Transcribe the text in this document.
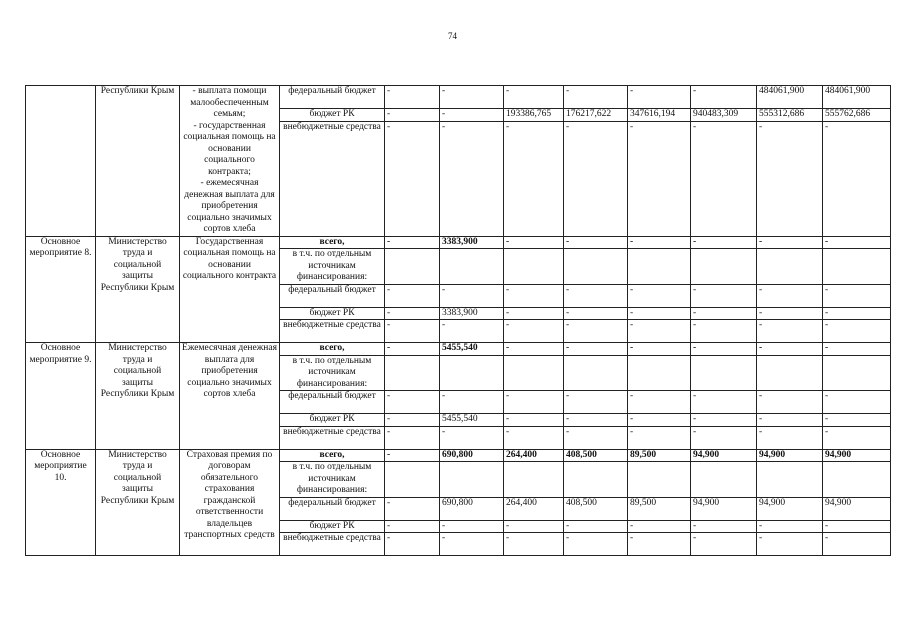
74
	Республики Крым	- выплата помощи малообеспеченным семьям;
- государственная социальная помощь на основании социального контракта;
- ежемесячная денежная выплата для приобретения социально значимых сортов хлеба	федеральный бюджет	-	-	-	-	-	-	484061,900	484061,900
			бюджет РК	-	-	193386,765	176217,622	347616,194	940483,309	555312,686	555762,686
			внебюджетные средства	-	-	-	-	-	-	-	-
Основное мероприятие 8.	Министерство труда и социальной защиты Республики Крым	Государственная социальная помощь на основании социального контракта	всего,	-	3383,900	-	-	-	-	-	-
			в т.ч. по отдельным источникам финансирования:								
			федеральный бюджет	-	-	-	-	-	-	-	-
			бюджет РК	-	3383,900	-	-	-	-	-	-
			внебюджетные средства	-	-	-	-	-	-	-	-
Основное мероприятие 9.	Министерство труда и социальной защиты Республики Крым	Ежемесячная денежная выплата для приобретения социально значимых сортов хлеба	всего,	-	5455,540	-	-	-	-	-	-
			в т.ч. по отдельным источникам финансирования:								
			федеральный бюджет	-	-	-	-	-	-	-	-
			бюджет РК	-	5455,540	-	-	-	-	-	-
			внебюджетные средства	-	-	-	-	-	-	-	-
Основное мероприятие 10.	Министерство труда и социальной защиты Республики Крым	Страховая премия по договорам обязательного страхования гражданской ответственности владельцев транспортных средств	всего,	-	690,800	264,400	408,500	89,500	94,900	94,900	94,900
			в т.ч. по отдельным источникам финансирования:								
			федеральный бюджет	-	690,800	264,400	408,500	89,500	94,900	94,900	94,900
			бюджет РК	-	-	-	-	-	-	-	-
			внебюджетные средства	-	-	-	-	-	-	-	-
